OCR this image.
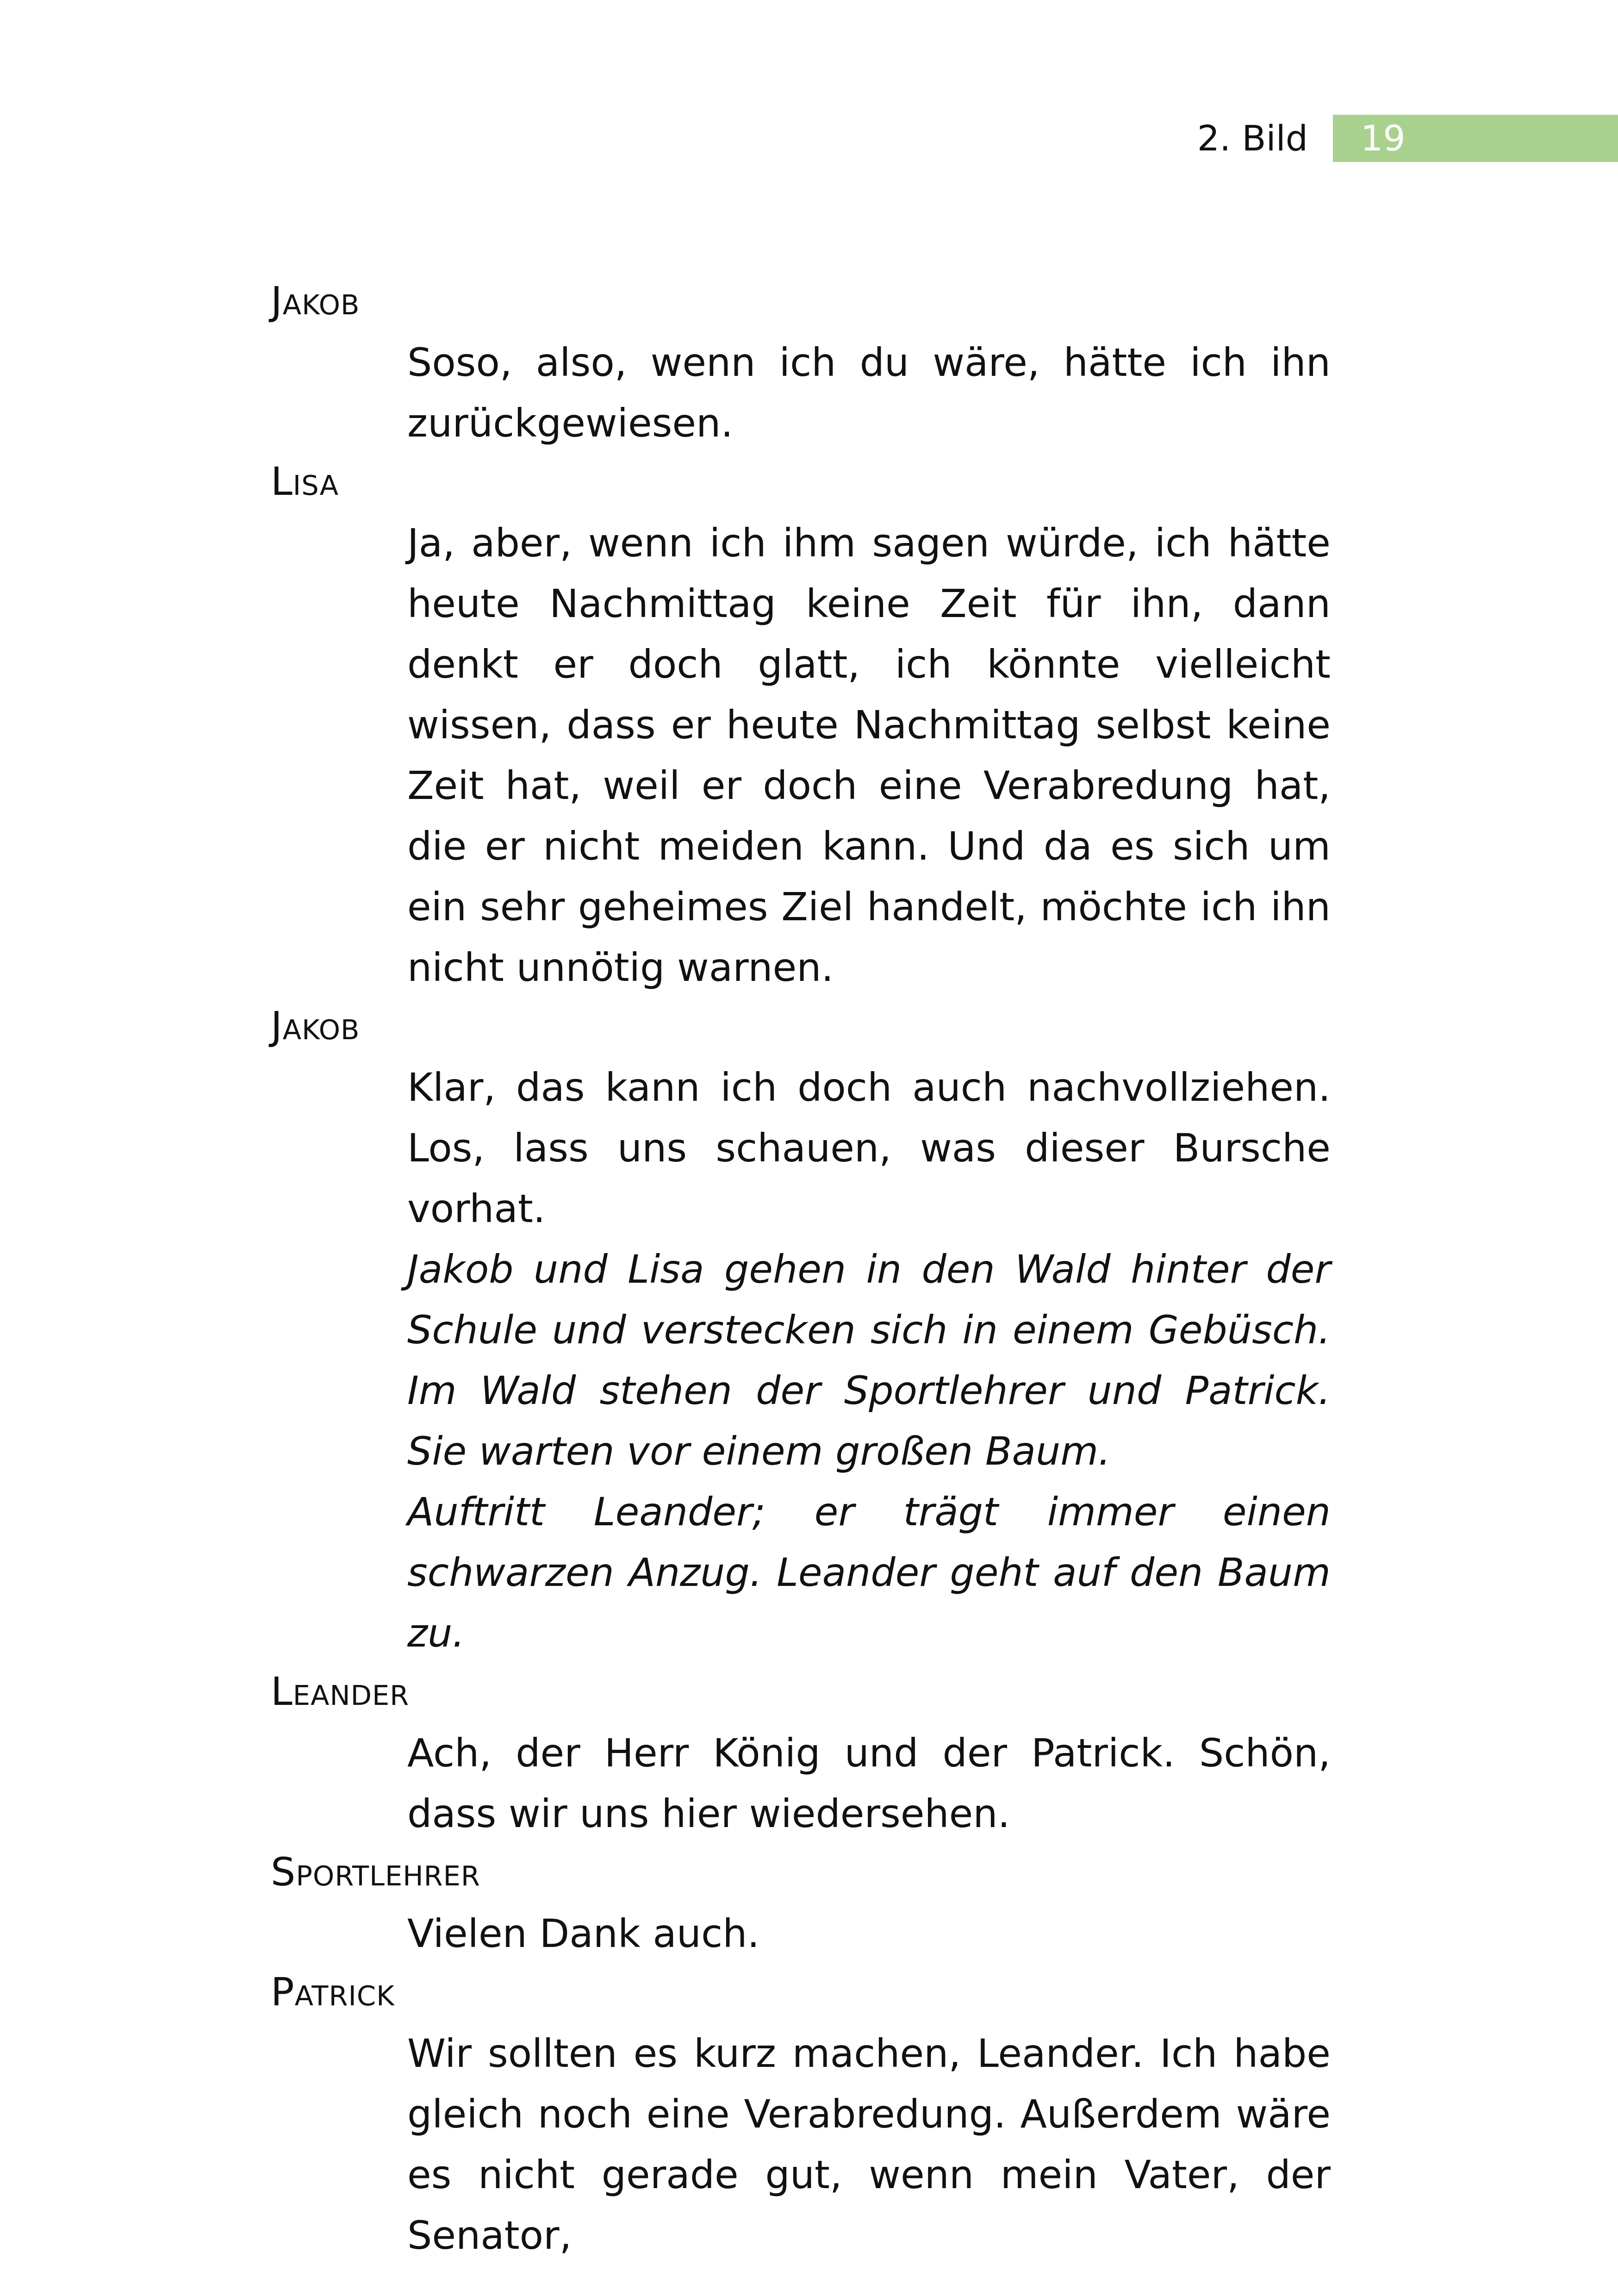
2. Bild 19
Jakob

Soso, also, wenn ich du wäre, hätte ich ihn zurückgewiesen.

Lisa

Ja, aber, wenn ich ihm sagen würde, ich hätte heute Nachmittag keine Zeit für ihn, dann denkt er doch glatt, ich könnte vielleicht wissen, dass er heute Nachmittag selbst keine Zeit hat, weil er doch eine Verabredung hat, die er nicht meiden kann. Und da es sich um ein sehr geheimes Ziel handelt, möchte ich ihn nicht unnötig warnen.

Jakob

Klar, das kann ich doch auch nachvollziehen. Los, lass uns schauen, was dieser Bursche vorhat.

Jakob und Lisa gehen in den Wald hinter der Schule und verstecken sich in einem Gebüsch. Im Wald stehen der Sportlehrer und Patrick. Sie warten vor einem großen Baum.

Auftritt Leander; er trägt immer einen schwarzen Anzug. Leander geht auf den Baum zu.

Leander

Ach, der Herr König und der Patrick. Schön, dass wir uns hier wiedersehen.

Sportlehrer

Vielen Dank auch.

Patrick

Wir sollten es kurz machen, Leander. Ich habe gleich noch eine Verabredung. Außerdem wäre es nicht gerade gut, wenn mein Vater, der Senator,
